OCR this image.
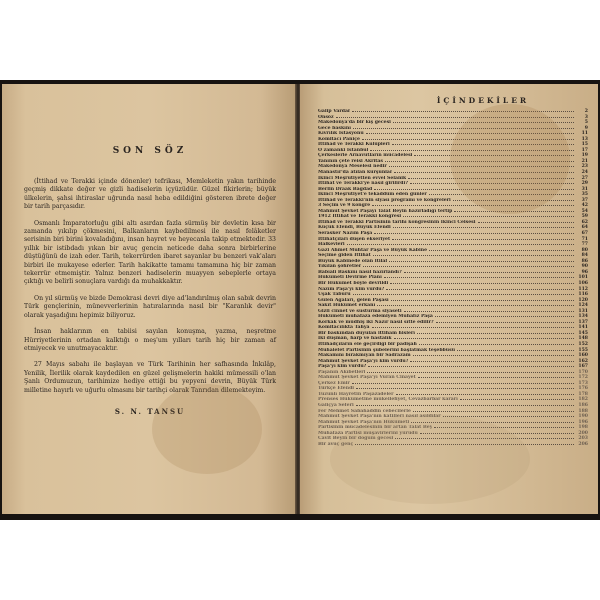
SON SÖZ

(İttihad ve Terakki içinde dönenler) tefrikası, Memleketin yakın tarihinde geçmiş dikkate değer ve gizli hadiselerin içyüzüdür. Güzel fikirlerin; büyük ülkelerin, şahsi ihtiraslar uğrunda nasıl heba edildiğini gösteren ibrete değer bir tarih parçasıdır.

Osmanlı İmparatorluğu gibi altı asırdan fazla sürmüş bir devletin kısa bir zamanda yıkılıp çökmesini, Balkanların kaybedilmesi ile nasıl felâketler serisinin biri birini kovaladığını, insan hayret ve heyecanla takip etmektedir. 33 yıllık bir istibdadı yıkan bir avuç gencin neticede daha sonra birbirlerine düştüğünü de izah eder. Tarih, tekerrürden ibaret sayanlar bu benzeri vak'aları birbiri ile mukayese ederler. Tarih hakikatte tamamı tamamına hiç bir zaman tekerrür etmemiştir. Yalnız benzeri hadiselerin muayyen sebeplerle ortaya çıktığı ve belirli sonuçlara vardığı da muhakkaktır.

On yıl sürmüş ve bizde Demokrasi devri diye ad'landırılmış olan sabık devrin Türk gençlerinin, münevverlerinin hatıralarında nasıl bir "Karanlık devir" olarak yaşadığını hepimiz biliyoruz.

İnsan haklarının en tabiisi sayılan konuşma, yazma, neşretme Hürriyetlerinin ortadan kalktığı o meş'um yılları tarih hiç bir zaman af etmiyecek ve unutmayacaktır.

27 Mayıs sabahı ile başlayan ve Türk Tarihinin her safhasında İnkılâp, Yenilik, İlerilik olarak kaydedilen en güzel gelişmelerin hakiki mümessili o'lan Şanlı Ordumuzun, tarihimize hediye ettiği bu yepyeni devrin, Büyük Türk milletine hayırlı ve uğurlu olmasını bir tarihçi olarak Tanrıdan dilemekteyim.

S. N. TANSU
İÇİNDEKİLER
Galip Vardar	2
Önsöz	3
Makedonya'da bir kış gecesi	5
Gece baskını	9
Kıvrılık İstasyonu	11
Komitacı Paniçe	13
İttihad ve Terakki Kulüpleri	15
O zamanki İstanbul	17
Çerkeslerle Arnavutların mücadelesi	19
Yanının çete reisi Akritas	21
Makedonya Meselesi nedir	23
Manastır'da atılan kurşunlar	24
İkinci Meşrutiyetten evvel Selânik	27
İttihat ve Terakki'ye nasıl girilirdi?	29
Berlin Draak Bağdad	31
İkinci Meşrutiyet'e tekaddüm eden günler	35
İttihad ve Terakki'nin siyasî programı ve kongreleri	37
3 Seçim ve 9 kongre	42
Mahmut Şevket Paşayı Talât Beyin hazırladığı tertip	54
1912 İttihat ve Terakki kongresi	59
İttihad ve Terakki Partisinin tarihî kongresinin İkinci Celsesi	62
Küçük Efendi, Büyük Efendi	64
Serasker Nâzım Paşa	67
İttihatçıları düşen ekseriyet	71
Halkevleri	77
Gazi Ahmet Muhtar Paşa ve Büyük Kabine	80
Seçime giden İttihat	84
Büyük Kabinede olan İtilâf	86
Yıkılan şöhretler	90
Bâbıâli Baskını nasıl hazırlandı?	96
Hükümeti Devirme Plânı	101
Bir Hükûmet böyle devrildi	106
Nâzım Paşa'yı kim vurdu?	112
Uşak Taburu	116
Gülen Ağaları, gelen Paşası	120
Sakıt Hükümet erkânı	124
Gizli cinnet ve susturma siyaseti	131
Hükümeti muhafaza edemiyen Muhafız Paşa	134
Korkak ve müdhiş iki Nazır nasıl sıtte edilir?	137
Komitacılıkta Tahya	141
Bir baskından duyulan ittiham hislerı	145
İki düşman, harp ve hastalık	148
İttihadçıların ele geçirdiği bir padişah	152
Muhalefet Partisinin şubelerini başlatmak teşebbüsü	155
Makamını bırakmıyan bir Sadrazam	160
Mahmut Şevket Paşa'yı kim vurdu?	162
Paşa'yı kim vurdu?	167
Paşanın Akıbetleri	170
Mahmut Şevket Paşa'yı Vuran Cinayet	172
Çerkez Emir	173
Türkçe Efendi	176
Tuzunlı Hayretin Paşazadeler	178
Prenses Hükümetine mükellefiyet, Cevazbarbar kararı	182
Galiçya Seferi	186
Fer Mehmet Sabahaddin cebecilerle	188
Mahmut Şevket Paşa'nın katilleri nasıl asıldılar	190
Mahmut Şevket Paşa'nın Hükümeti	196
Partisinin mücadelesinin bir artan Talât Bey	198
Muhafaza Partisi müşavirlerini yürüdü	200
Cavit Beyin bir doğum gecesi	203
Bir avuç genç	206
